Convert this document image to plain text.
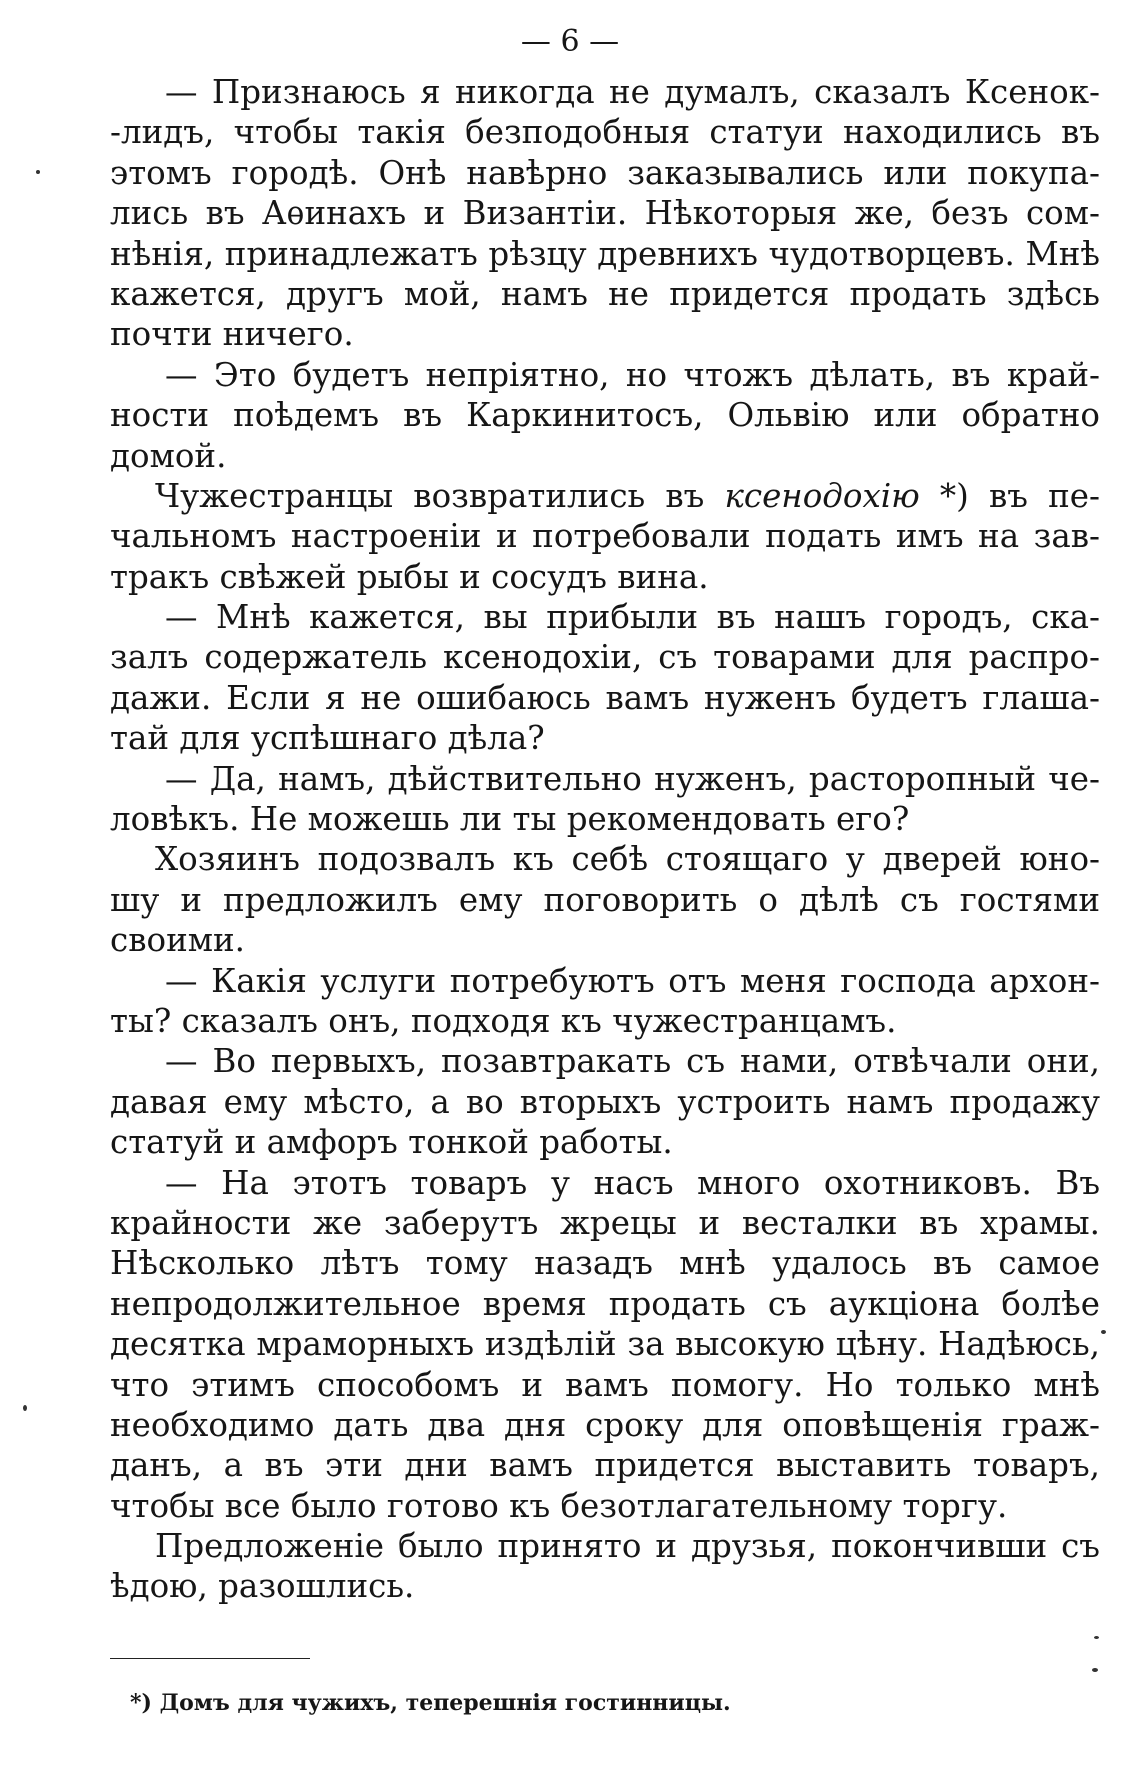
— 6 —
— Признаюсь я никогда не думалъ, сказалъ Ксенок-
-лидъ, чтобы такія безподобныя статуи находились въ
этомъ городѣ. Онѣ навѣрно заказывались или покупа-
лись въ Аѳинахъ и Византіи. Нѣкоторыя же, безъ сом-
нѣнія, принадлежатъ рѣзцу древнихъ чудотворцевъ. Мнѣ
кажется, другъ мой, намъ не придется продать здѣсь
почти ничего.
— Это будетъ непріятно, но чтожъ дѣлать, въ край-
ности поѣдемъ въ Каркинитосъ, Ольвію или обратно
домой.
Чужестранцы возвратились въ ксенодохію *) въ пе-
чальномъ настроеніи и потребовали подать имъ на зав-
тракъ свѣжей рыбы и сосудъ вина.
— Мнѣ кажется, вы прибыли въ нашъ городъ, ска-
залъ содержатель ксенодохіи, съ товарами для распро-
дажи. Если я не ошибаюсь вамъ нуженъ будетъ глаша-
тай для успѣшнаго дѣла?
— Да, намъ, дѣйствительно нуженъ, расторопный че-
ловѣкъ. Не можешь ли ты рекомендовать его?
Хозяинъ подозвалъ къ себѣ стоящаго у дверей юно-
шу и предложилъ ему поговорить о дѣлѣ съ гостями
своими.
— Какія услуги потребуютъ отъ меня господа архон-
ты? сказалъ онъ, подходя къ чужестранцамъ.
— Во первыхъ, позавтракать съ нами, отвѣчали они,
давая ему мѣсто, а во вторыхъ устроить намъ продажу
статуй и амфоръ тонкой работы.
— На этотъ товаръ у насъ много охотниковъ. Въ
крайности же заберутъ жрецы и весталки въ храмы.
Нѣсколько лѣтъ тому назадъ мнѣ удалось въ самое
непродолжительное время продать съ аукціона болѣе
десятка мраморныхъ издѣлій за высокую цѣну. Надѣюсь,
что этимъ способомъ и вамъ помогу. Но только мнѣ
необходимо дать два дня сроку для оповѣщенія граж-
данъ, а въ эти дни вамъ придется выставить товаръ,
чтобы все было готово къ безотлагательному торгу.
Предложеніе было принято и друзья, покончивши съ
ѣдою, разошлись.
*) Домъ для чужихъ, теперешнія гостинницы.
